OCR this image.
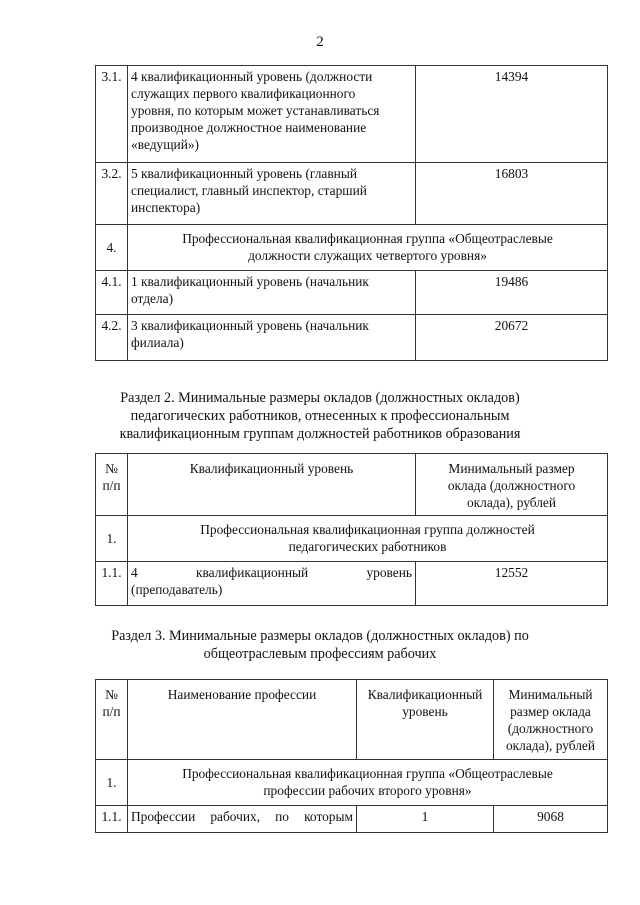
2
3.1.	4 квалификационный уровень (должности
служащих первого квалификационного
уровня, по которым может устанавливаться
производное должностное наименование
«ведущий»)	14394
3.2.	5 квалификационный уровень (главный
специалист, главный инспектор, старший
инспектора)	16803
4.	Профессиональная квалификационная группа «Общеотраслевые
должности служащих четвертого уровня»	

4.1.	1 квалификационный уровень (начальник
отдела)	19486
4.2.	3 квалификационный уровень (начальник
филиала)	20672
Раздел 2. Минимальные размеры окладов (должностных окладов)
педагогических работников, отнесенных к профессиональным
квалификационным группам должностей работников образования
№
п/п	Квалификационный уровень	Минимальный размер
оклада (должностного
оклада), рублей

1.	Профессиональная квалификационная группа должностей
педагогических работников	

1.1.	4 квалификационный уровень
(преподаватель)	12552
Раздел 3. Минимальные размеры окладов (должностных окладов) по
общеотраслевым профессиям рабочих
№
п/п	Наименование профессии	Квалификационный
уровень	Минимальный
размер оклада
(должностного
оклада), рублей

1.	Профессиональная квалификационная группа «Общеотраслевые
профессии рабочих второго уровня»		

1.1.	Профессии рабочих, по которым	1	9068
